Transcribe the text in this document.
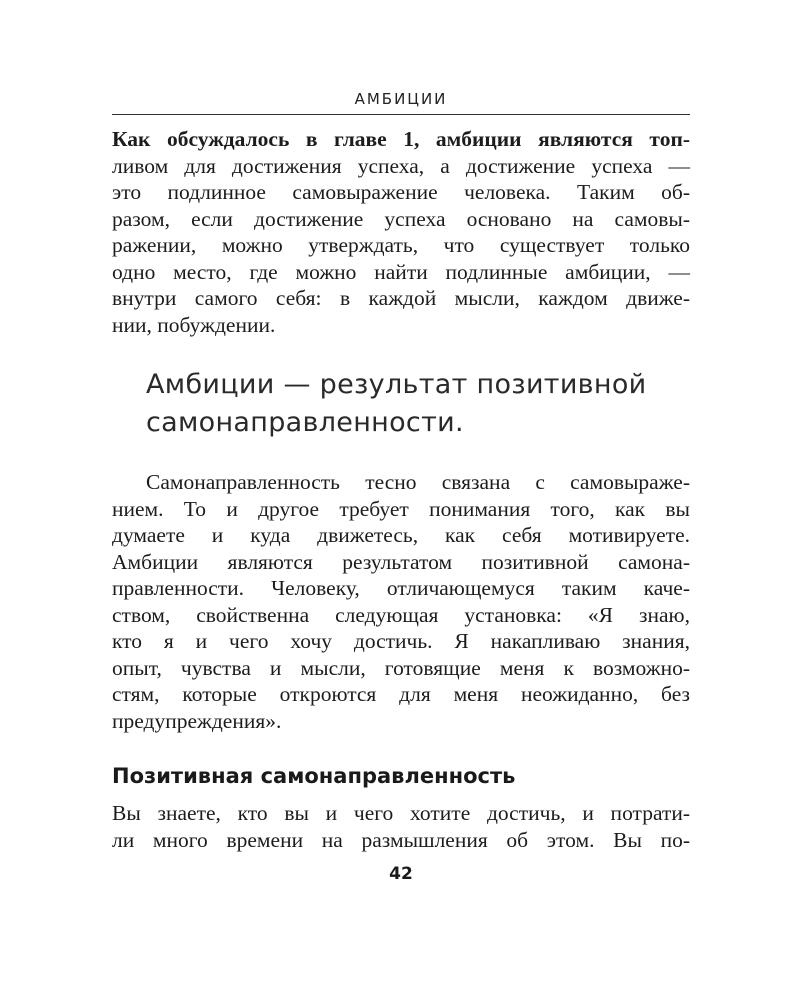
АМБИЦИИ
Как обсуждалось в главе 1, амбиции являются топ-
ливом для достижения успеха, а достижение успеха —
это подлинное самовыражение человека. Таким об-
разом, если достижение успеха основано на самовы-
ражении, можно утверждать, что существует только
одно место, где можно найти подлинные амбиции, —
внутри самого себя: в каждой мысли, каждом движе-
нии, побуждении.
Амбиции — результат позитивной
самонаправленности.
Самонаправленность тесно связана с самовыраже-
нием. То и другое требует понимания того, как вы
думаете и куда движетесь, как себя мотивируете.
Амбиции являются результатом позитивной самона-
правленности. Человеку, отличающемуся таким каче-
ством, свойственна следующая установка: «Я знаю,
кто я и чего хочу достичь. Я накапливаю знания,
опыт, чувства и мысли, готовящие меня к возможно-
стям, которые откроются для меня неожиданно, без
предупреждения».
Позитивная самонаправленность
Вы знаете, кто вы и чего хотите достичь, и потрати-
ли много времени на размышления об этом. Вы по-
42
